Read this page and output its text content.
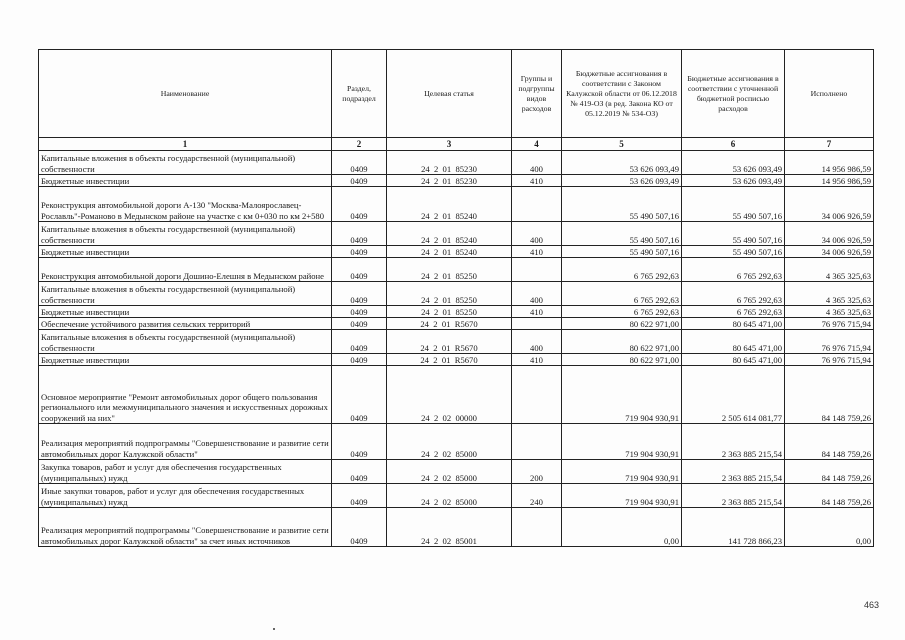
Наименование	Раздел, подраздел	Целевая статья	Группы и подгруппы видов расходов	Бюджетные ассигнования в соответствии с Законом Калужской области от 06.12.2018 № 419-ОЗ (в ред. Закона КО от 05.12.2019 № 534-ОЗ)	Бюджетные ассигнования в соответствии с уточненной бюджетной росписью расходов	Исполнено
1	2	3	4	5	6	7
Капитальные вложения в объекты государственной (муниципальной) собственности	0409	24  2  01  85230	400	53 626 093,49	53 626 093,49	14 956 986,59
Бюджетные инвестиции	0409	24  2  01  85230	410	53 626 093,49	53 626 093,49	14 956 986,59
Реконструкция автомобильной дороги А-130 "Москва-Малоярославец-Рославль"-Романово в Медынском районе на участке с км 0+030 по км 2+580	0409	24  2  01  85240		55 490 507,16	55 490 507,16	34 006 926,59
Капитальные вложения в объекты государственной (муниципальной) собственности	0409	24  2  01  85240	400	55 490 507,16	55 490 507,16	34 006 926,59
Бюджетные инвестиции	0409	24  2  01  85240	410	55 490 507,16	55 490 507,16	34 006 926,59
Реконструкция автомобильной дороги Дошино-Елешня в Медынском районе	0409	24  2  01  85250		6 765 292,63	6 765 292,63	4 365 325,63
Капитальные вложения в объекты государственной (муниципальной) собственности	0409	24  2  01  85250	400	6 765 292,63	6 765 292,63	4 365 325,63
Бюджетные инвестиции	0409	24  2  01  85250	410	6 765 292,63	6 765 292,63	4 365 325,63
Обеспечение устойчивого развития сельских территорий	0409	24  2  01  R5670		80 622 971,00	80 645 471,00	76 976 715,94
Капитальные вложения в объекты государственной (муниципальной) собственности	0409	24  2  01  R5670	400	80 622 971,00	80 645 471,00	76 976 715,94
Бюджетные инвестиции	0409	24  2  01  R5670	410	80 622 971,00	80 645 471,00	76 976 715,94
Основное мероприятие "Ремонт автомобильных дорог общего пользования регионального или межмуниципального значения и искусственных дорожных сооружений на них"	0409	24  2  02  00000		719 904 930,91	2 505 614 081,77	84 148 759,26
Реализация мероприятий подпрограммы "Совершенствование и развитие сети автомобильных дорог Калужской области"	0409	24  2  02  85000		719 904 930,91	2 363 885 215,54	84 148 759,26
Закупка товаров, работ и услуг для обеспечения государственных (муниципальных) нужд	0409	24  2  02  85000	200	719 904 930,91	2 363 885 215,54	84 148 759,26
Иные закупки товаров, работ и услуг для обеспечения государственных (муниципальных) нужд	0409	24  2  02  85000	240	719 904 930,91	2 363 885 215,54	84 148 759,26
Реализация мероприятий подпрограммы "Совершенствование и развитие сети автомобильных дорог Калужской области" за счет иных источников	0409	24  2  02  85001		0,00	141 728 866,23	0,00
463
